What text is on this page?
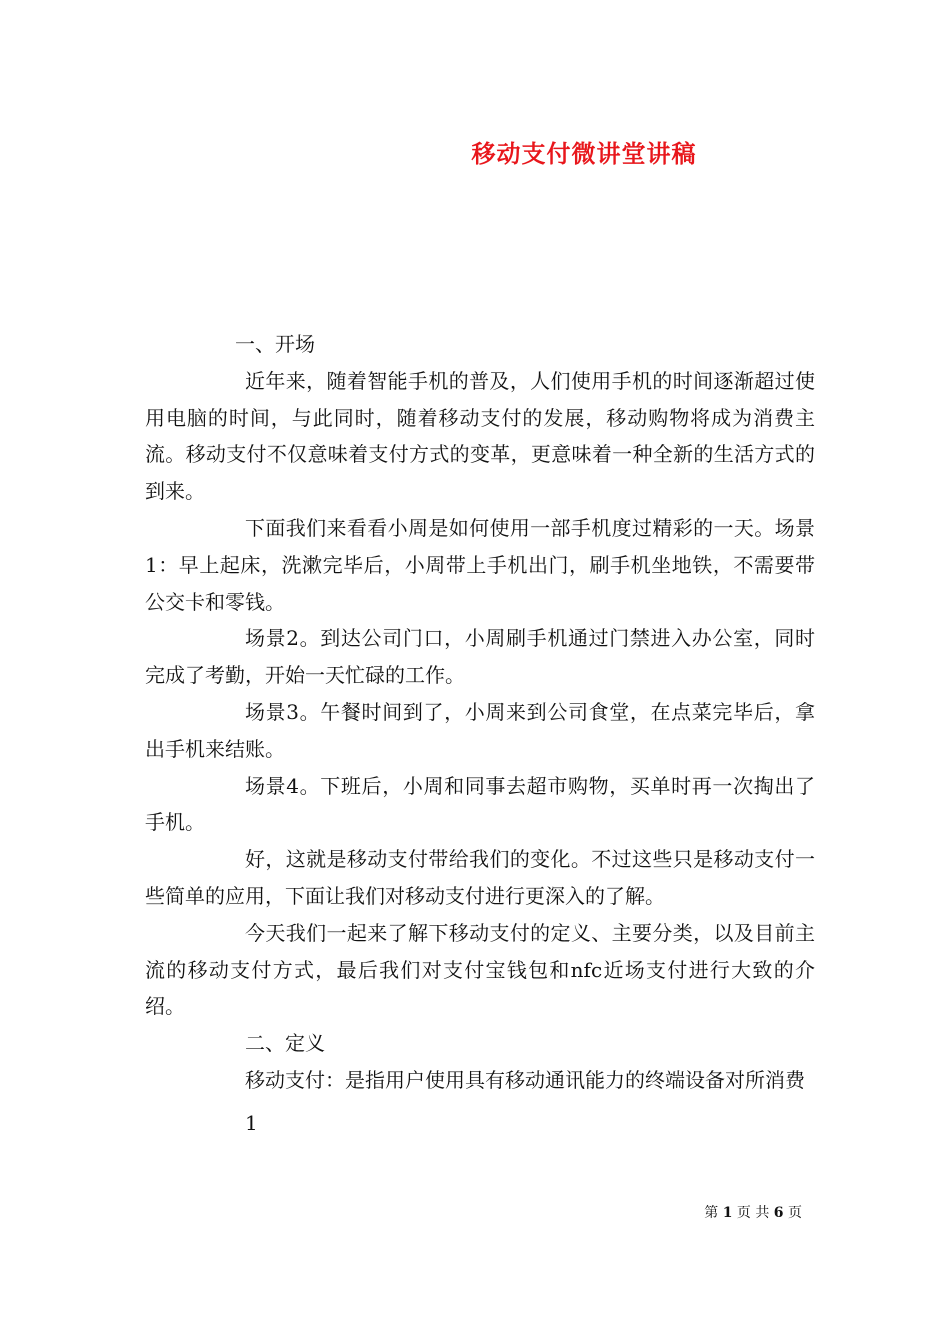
移动支付微讲堂讲稿

一、开场

近年来，随着智能手机的普及，人们使用手机的时间逐渐超过使用电脑的时间，与此同时，随着移动支付的发展，移动购物将成为消费主流。移动支付不仅意味着支付方式的变革，更意味着一种全新的生活方式的到来。

下面我们来看看小周是如何使用一部手机度过精彩的一天。场景1：早上起床，洗漱完毕后，小周带上手机出门，刷手机坐地铁，不需要带公交卡和零钱。

场景2。到达公司门口，小周刷手机通过门禁进入办公室，同时完成了考勤，开始一天忙碌的工作。

场景3。午餐时间到了，小周来到公司食堂，在点菜完毕后，拿出手机来结账。

场景4。下班后，小周和同事去超市购物，买单时再一次掏出了手机。

好，这就是移动支付带给我们的变化。不过这些只是移动支付一些简单的应用，下面让我们对移动支付进行更深入的了解。

今天我们一起来了解下移动支付的定义、主要分类，以及目前主流的移动支付方式，最后我们对支付宝钱包和nfc近场支付进行大致的介绍。

二、定义

移动支付：是指用户使用具有移动通讯能力的终端设备对所消费

1

第 1 页 共 6 页
